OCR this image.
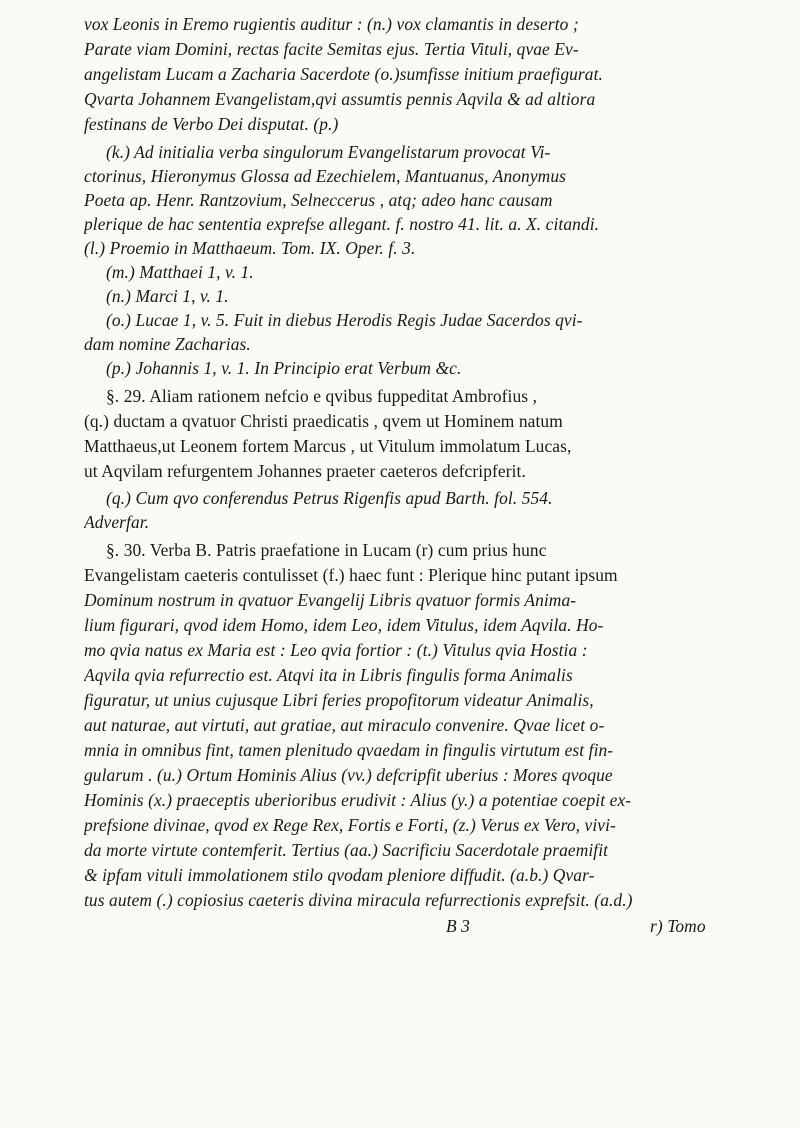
vox Leonis in Eremo rugientis auditur : (n.) vox clamantis in deserto ;
Parate viam Domini, rectas facite Semitas ejus. Tertia Vituli, qvae Ev-
angelistam Lucam a Zacharia Sacerdote (o.)sumfisse initium praefigurat.
Qvarta Johannem Evangelistam,qvi assumtis pennis Aqvila & ad altiora
festinans de Verbo Dei disputat. (p.)
(k.) Ad initialia verba singulorum Evangelistarum provocat Vi-
ctorinus, Hieronymus Glossa ad Ezechielem, Mantuanus, Anonymus
Poeta ap. Henr. Rantzovium, Selneccerus , atq; adeo hanc causam
plerique de hac sententia exprefse allegant. f. nostro 41. lit. a. X. citandi.
(l.) Proemio in Matthaeum. Tom. IX. Oper. f. 3.
(m.) Matthaei 1, v. 1.
(n.) Marci 1, v. 1.
(o.) Lucae 1, v. 5. Fuit in diebus Herodis Regis Judae Sacerdos qvi-
dam nomine Zacharias.
(p.) Johannis 1, v. 1. In Principio erat Verbum &c.
§. 29. Aliam rationem nefcio e qvibus fuppeditat Ambrofius ,
(q.) ductam a qvatuor Christi praedicatis , qvem ut Hominem natum
Matthaeus,ut Leonem fortem Marcus , ut Vitulum immolatum Lucas,
ut Aqvilam refurgentem Johannes praeter caeteros defcripferit.
(q.) Cum qvo conferendus Petrus Rigenfis apud Barth. fol. 554.
Adverfar.
§. 30. Verba B. Patris praefatione in Lucam (r) cum prius hunc
Evangelistam caeteris contulisset (f.) haec funt : Plerique hinc putant ipsum
Dominum nostrum in qvatuor Evangelij Libris qvatuor formis Anima-
lium figurari, qvod idem Homo, idem Leo, idem Vitulus, idem Aqvila. Ho-
mo qvia natus ex Maria est : Leo qvia fortior : (t.) Vitulus qvia Hostia :
Aqvila qvia refurrectio est. Atqvi ita in Libris fingulis forma Animalis
figuratur, ut unius cujusque Libri feries propofitorum videatur Animalis,
aut naturae, aut virtuti, aut gratiae, aut miraculo convenire. Qvae licet o-
mnia in omnibus fint, tamen plenitudo qvaedam in fingulis virtutum est fin-
gularum . (u.) Ortum Hominis Alius (vv.) defcripfit uberius : Mores qvoque
Hominis (x.) praeceptis uberioribus erudivit : Alius (y.) a potentiae coepit ex-
prefsione divinae, qvod ex Rege Rex, Fortis e Forti, (z.) Verus ex Vero, vivi-
da morte virtute contemferit. Tertius (aa.) Sacrificiu Sacerdotale praemifit
& ipfam vituli immolationem stilo qvodam pleniore diffudit. (a.b.) Qvar-
tus autem (.) copiosius caeteris divina miracula refurrectionis exprefsit. (a.d.)
B 3	r) Tomo
